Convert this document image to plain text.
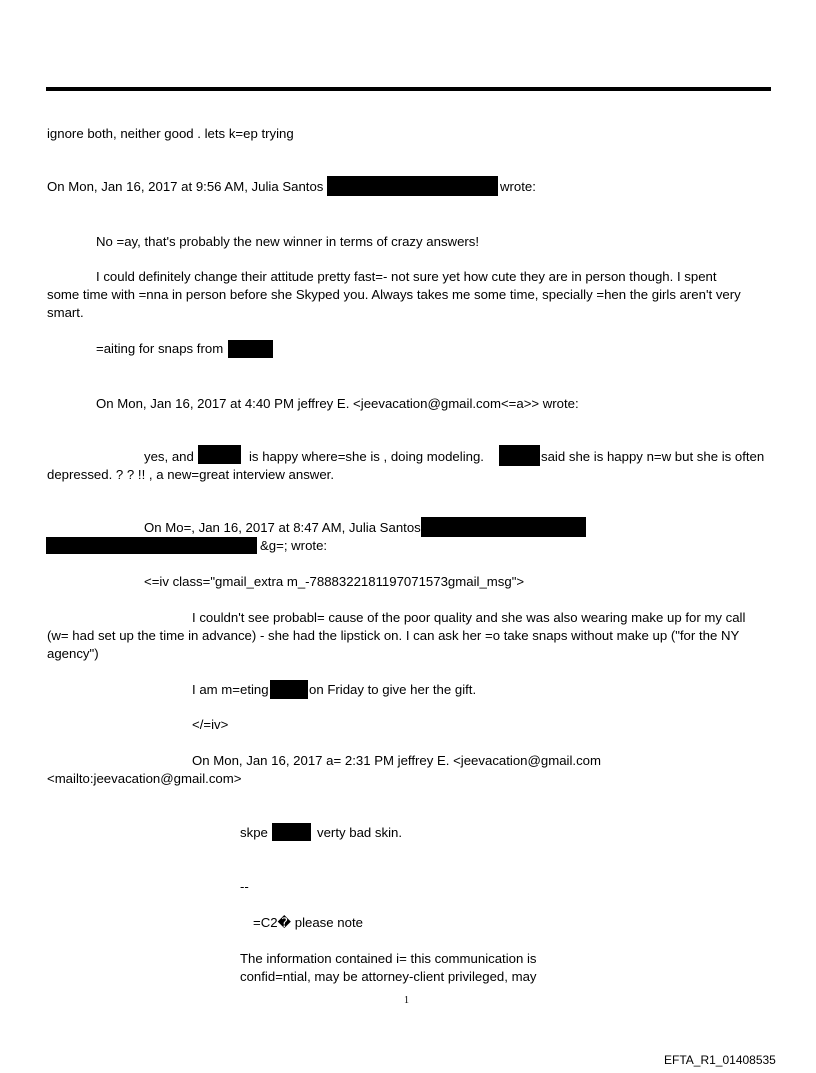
ignore both, neither good . lets k=ep trying
On Mon, Jan 16, 2017 at 9:56 AM, Julia Santos	wrote:
No =ay, that's probably the new winner in terms of crazy answers!
I could definitely change their attitude pretty fast=- not sure yet how cute they are in person though. I spent
some time with =nna in person before she Skyped you. Always takes me some time, specially =hen the girls aren't very
smart.
=aiting for snaps from
On Mon, Jan 16, 2017 at 4:40 PM jeffrey E. <jeevacation@gmail.com<=a>> wrote:
yes, and	is happy where=she is , doing modeling.	said she is happy n=w but she is often
depressed. ? ? !! , a new=great interview answer.
On Mo=, Jan 16, 2017 at 8:47 AM, Julia Santos
&g=; wrote:
<=iv class="gmail_extra m_-7888322181197071573gmail_msg">
I couldn't see probabl= cause of the poor quality and she was also wearing make up for my call
(w= had set up the time in advance) - she had the lipstick on. I can ask her =o take snaps without make up ("for the NY
agency")
I am m=eting	on Friday to give her the gift.
</=iv>
On Mon, Jan 16, 2017 a= 2:31 PM jeffrey E. <jeevacation@gmail.com
<mailto:jeevacation@gmail.com>
skpe	verty bad skin.
--
=C2� please note
The information contained i= this communication is
confid=ntial, may be attorney-client privileged, may
1
EFTA_R1_01408535
